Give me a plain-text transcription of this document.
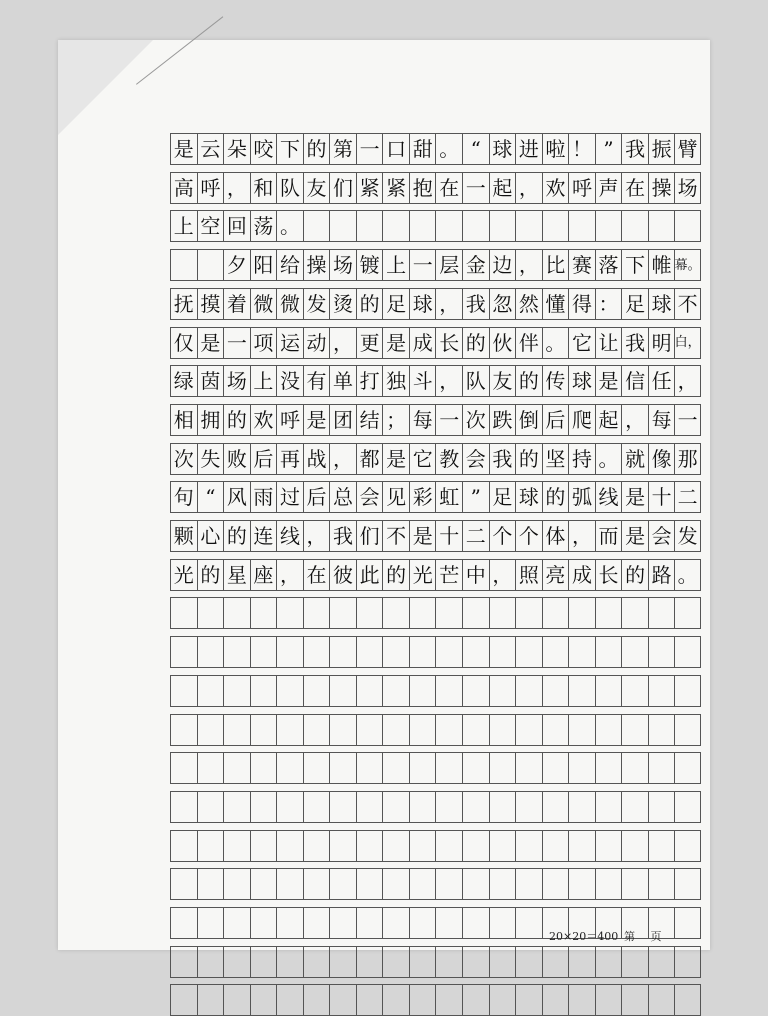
是 云 朵 咬 下 的 第 一 口 甜 。 “ 球 进 啦 ！ ” 我 振 臂
高 呼 ， 和 队 友 们 紧 紧 抱 在 一 起 ， 欢 呼 声 在 操 场
上 空 回 荡 。
夕 阳 给 操 场 镀 上 一 层 金 边 ， 比 赛 落 下 帷 幕。
抚 摸 着 微 微 发 烫 的 足 球 ， 我 忽 然 懂 得 ： 足 球 不
仅 是 一 项 运 动 ， 更 是 成 长 的 伙 伴 。 它 让 我 明 白，
绿 茵 场 上 没 有 单 打 独 斗 ， 队 友 的 传 球 是 信 任 ，
相 拥 的 欢 呼 是 团 结 ； 每 一 次 跌 倒 后 爬 起 ， 每 一
次 失 败 后 再 战 ， 都 是 它 教 会 我 的 坚 持 。 就 像 那
句 “ 风 雨 过 后 总 会 见 彩 虹 ” 足 球 的 弧 线 是 十 二
颗 心 的 连 线 ， 我 们 不 是 十 二 个 个 体 ， 而 是 会 发
光 的 星 座 ， 在 彼 此 的 光 芒 中 ， 照 亮 成 长 的 路 。
20×20＝400 第 页
